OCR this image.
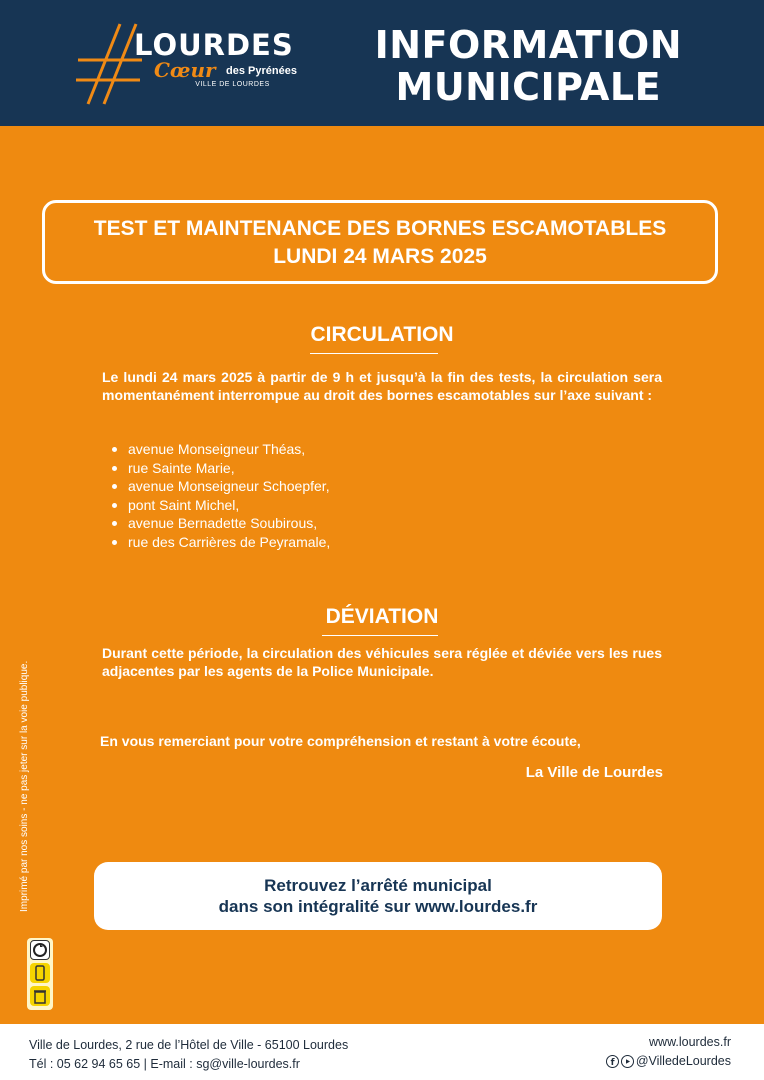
LOURDES
Cœur des Pyrénées
VILLE DE LOURDES
INFORMATION
MUNICIPALE
TEST ET MAINTENANCE DES BORNES ESCAMOTABLES
LUNDI 24 MARS 2025
CIRCULATION
Le lundi 24 mars 2025 à partir de 9 h et jusqu’à la fin des tests, la circulation sera momentanément interrompue au droit des bornes escamotables sur l’axe suivant :
avenue Monseigneur Théas,
rue Sainte Marie,
avenue Monseigneur Schoepfer,
pont Saint Michel,
avenue Bernadette Soubirous,
rue des Carrières de Peyramale,
DÉVIATION
Durant cette période, la circulation des véhicules sera réglée et déviée vers les rues adjacentes par les agents de la Police Municipale.
En vous remerciant pour votre compréhension et restant à votre écoute,
La Ville de Lourdes
Retrouvez l’arrêté municipal
dans son intégralité sur www.lourdes.fr
Imprimé par nos soins - ne pas jeter sur la voie publique.
Ville de Lourdes, 2 rue de l’Hôtel de Ville - 65100 Lourdes
Tél : 05 62 94 65 65 | E-mail : sg@ville-lourdes.fr
www.lourdes.fr
f @VilledeLourdes
